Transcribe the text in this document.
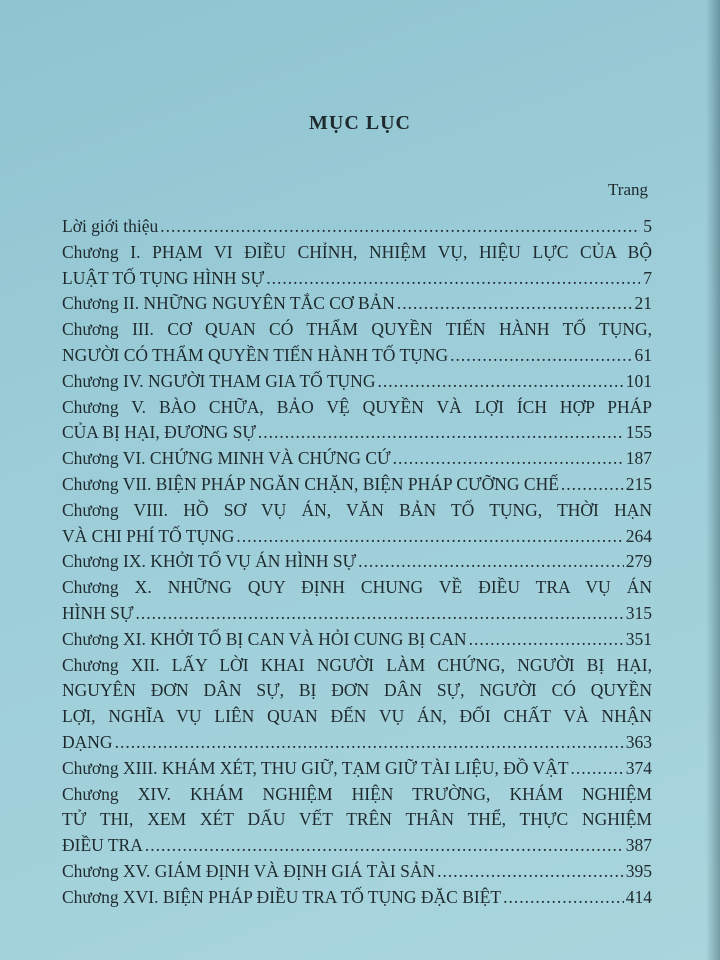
MỤC LỤC
Trang
Lời giới thiệu .....	5
Chương I. PHẠM VI ĐIỀU CHỈNH, NHIỆM VỤ, HIỆU LỰC CỦA BỘ
LUẬT TỐ TỤNG HÌNH SỰ .....	7
Chương II. NHỮNG NGUYÊN TẮC CƠ BẢN .....	21
Chương III. CƠ QUAN CÓ THẨM QUYỀN TIẾN HÀNH TỐ TỤNG,
NGƯỜI CÓ THẨM QUYỀN TIẾN HÀNH TỐ TỤNG .....	61
Chương IV. NGƯỜI THAM GIA TỐ TỤNG .....	101
Chương V. BÀO CHỮA, BẢO VỆ QUYỀN VÀ LỢI ÍCH HỢP PHÁP
CỦA BỊ HẠI, ĐƯƠNG SỰ .....	155
Chương VI. CHỨNG MINH VÀ CHỨNG CỨ .....	187
Chương VII. BIỆN PHÁP NGĂN CHẶN, BIỆN PHÁP CƯỠNG CHẾ .....	215
Chương VIII. HỒ SƠ VỤ ÁN, VĂN BẢN TỐ TỤNG, THỜI HẠN
VÀ CHI PHÍ TỐ TỤNG .....	264
Chương IX. KHỞI TỐ VỤ ÁN HÌNH SỰ .....	279
Chương X. NHỮNG QUY ĐỊNH CHUNG VỀ ĐIỀU TRA VỤ ÁN
HÌNH SỰ .....	315
Chương XI. KHỞI TỐ BỊ CAN VÀ HỎI CUNG BỊ CAN .....	351
Chương XII. LẤY LỜI KHAI NGƯỜI LÀM CHỨNG, NGƯỜI BỊ HẠI,
NGUYÊN ĐƠN DÂN SỰ, BỊ ĐƠN DÂN SỰ, NGƯỜI CÓ QUYỀN
LỢI, NGHĨA VỤ LIÊN QUAN ĐẾN VỤ ÁN, ĐỐI CHẤT VÀ NHẬN
DẠNG .....	363
Chương XIII. KHÁM XÉT, THU GIỮ, TẠM GIỮ TÀI LIỆU, ĐỒ VẬT .....	374
Chương XIV. KHÁM NGHIỆM HIỆN TRƯỜNG, KHÁM NGHIỆM
TỬ THI, XEM XÉT DẤU VẾT TRÊN THÂN THỂ, THỰC NGHIỆM
ĐIỀU TRA .....	387
Chương XV. GIÁM ĐỊNH VÀ ĐỊNH GIÁ TÀI SẢN .....	395
Chương XVI. BIỆN PHÁP ĐIỀU TRA TỐ TỤNG ĐẶC BIỆT .....	414
